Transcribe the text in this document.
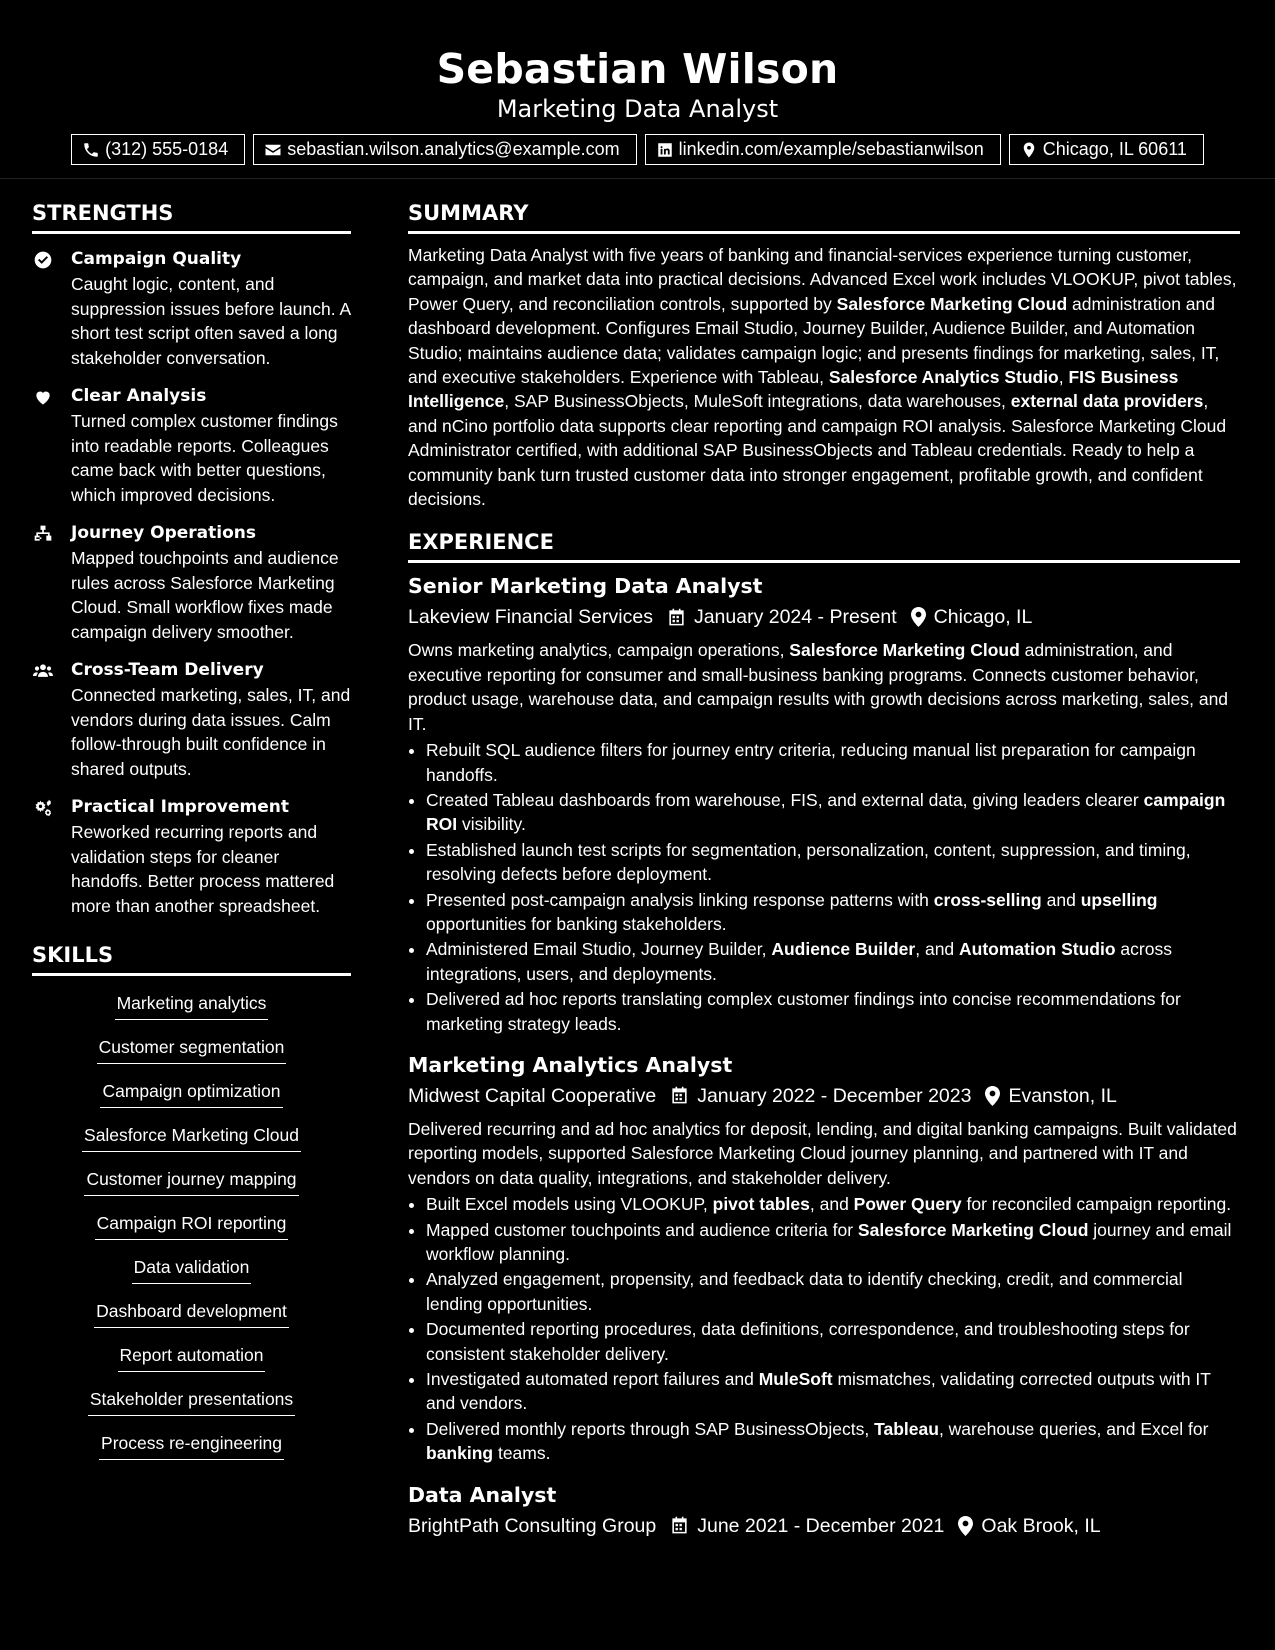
Sebastian Wilson
Marketing Data Analyst
(312) 555-0184	sebastian.wilson.analytics@example.com	linkedin.com/example/sebastianwilson	Chicago, IL 60611
STRENGTHS
Campaign Quality
Caught logic, content, and suppression issues before launch. A short test script often saved a long stakeholder conversation.
Clear Analysis
Turned complex customer findings into readable reports. Colleagues came back with better questions, which improved decisions.
Journey Operations
Mapped touchpoints and audience rules across Salesforce Marketing Cloud. Small workflow fixes made campaign delivery smoother.
Cross-Team Delivery
Connected marketing, sales, IT, and vendors during data issues. Calm follow-through built confidence in shared outputs.
Practical Improvement
Reworked recurring reports and validation steps for cleaner handoffs. Better process mattered more than another spreadsheet.
SKILLS
Marketing analytics
Customer segmentation
Campaign optimization
Salesforce Marketing Cloud
Customer journey mapping
Campaign ROI reporting
Data validation
Dashboard development
Report automation
Stakeholder presentations
Process re-engineering
SUMMARY
Marketing Data Analyst with five years of banking and financial-services experience turning customer, campaign, and market data into practical decisions. Advanced Excel work includes VLOOKUP, pivot tables, Power Query, and reconciliation controls, supported by Salesforce Marketing Cloud administration and dashboard development. Configures Email Studio, Journey Builder, Audience Builder, and Automation Studio; maintains audience data; validates campaign logic; and presents findings for marketing, sales, IT, and executive stakeholders. Experience with Tableau, Salesforce Analytics Studio, FIS Business Intelligence, SAP BusinessObjects, MuleSoft integrations, data warehouses, external data providers, and nCino portfolio data supports clear reporting and campaign ROI analysis. Salesforce Marketing Cloud Administrator certified, with additional SAP BusinessObjects and Tableau credentials. Ready to help a community bank turn trusted customer data into stronger engagement, profitable growth, and confident decisions.
EXPERIENCE
Senior Marketing Data Analyst
Lakeview Financial Services January 2024 - Present Chicago, IL
Owns marketing analytics, campaign operations, Salesforce Marketing Cloud administration, and executive reporting for consumer and small-business banking programs. Connects customer behavior, product usage, warehouse data, and campaign results with growth decisions across marketing, sales, and IT.
• Rebuilt SQL audience filters for journey entry criteria, reducing manual list preparation for campaign handoffs.
• Created Tableau dashboards from warehouse, FIS, and external data, giving leaders clearer campaign ROI visibility.
• Established launch test scripts for segmentation, personalization, content, suppression, and timing, resolving defects before deployment.
• Presented post-campaign analysis linking response patterns with cross-selling and upselling opportunities for banking stakeholders.
• Administered Email Studio, Journey Builder, Audience Builder, and Automation Studio across integrations, users, and deployments.
• Delivered ad hoc reports translating complex customer findings into concise recommendations for marketing strategy leads.
Marketing Analytics Analyst
Midwest Capital Cooperative January 2022 - December 2023 Evanston, IL
Delivered recurring and ad hoc analytics for deposit, lending, and digital banking campaigns. Built validated reporting models, supported Salesforce Marketing Cloud journey planning, and partnered with IT and vendors on data quality, integrations, and stakeholder delivery.
• Built Excel models using VLOOKUP, pivot tables, and Power Query for reconciled campaign reporting.
• Mapped customer touchpoints and audience criteria for Salesforce Marketing Cloud journey and email workflow planning.
• Analyzed engagement, propensity, and feedback data to identify checking, credit, and commercial lending opportunities.
• Documented reporting procedures, data definitions, correspondence, and troubleshooting steps for consistent stakeholder delivery.
• Investigated automated report failures and MuleSoft mismatches, validating corrected outputs with IT and vendors.
• Delivered monthly reports through SAP BusinessObjects, Tableau, warehouse queries, and Excel for banking teams.
Data Analyst
BrightPath Consulting Group June 2021 - December 2021 Oak Brook, IL
